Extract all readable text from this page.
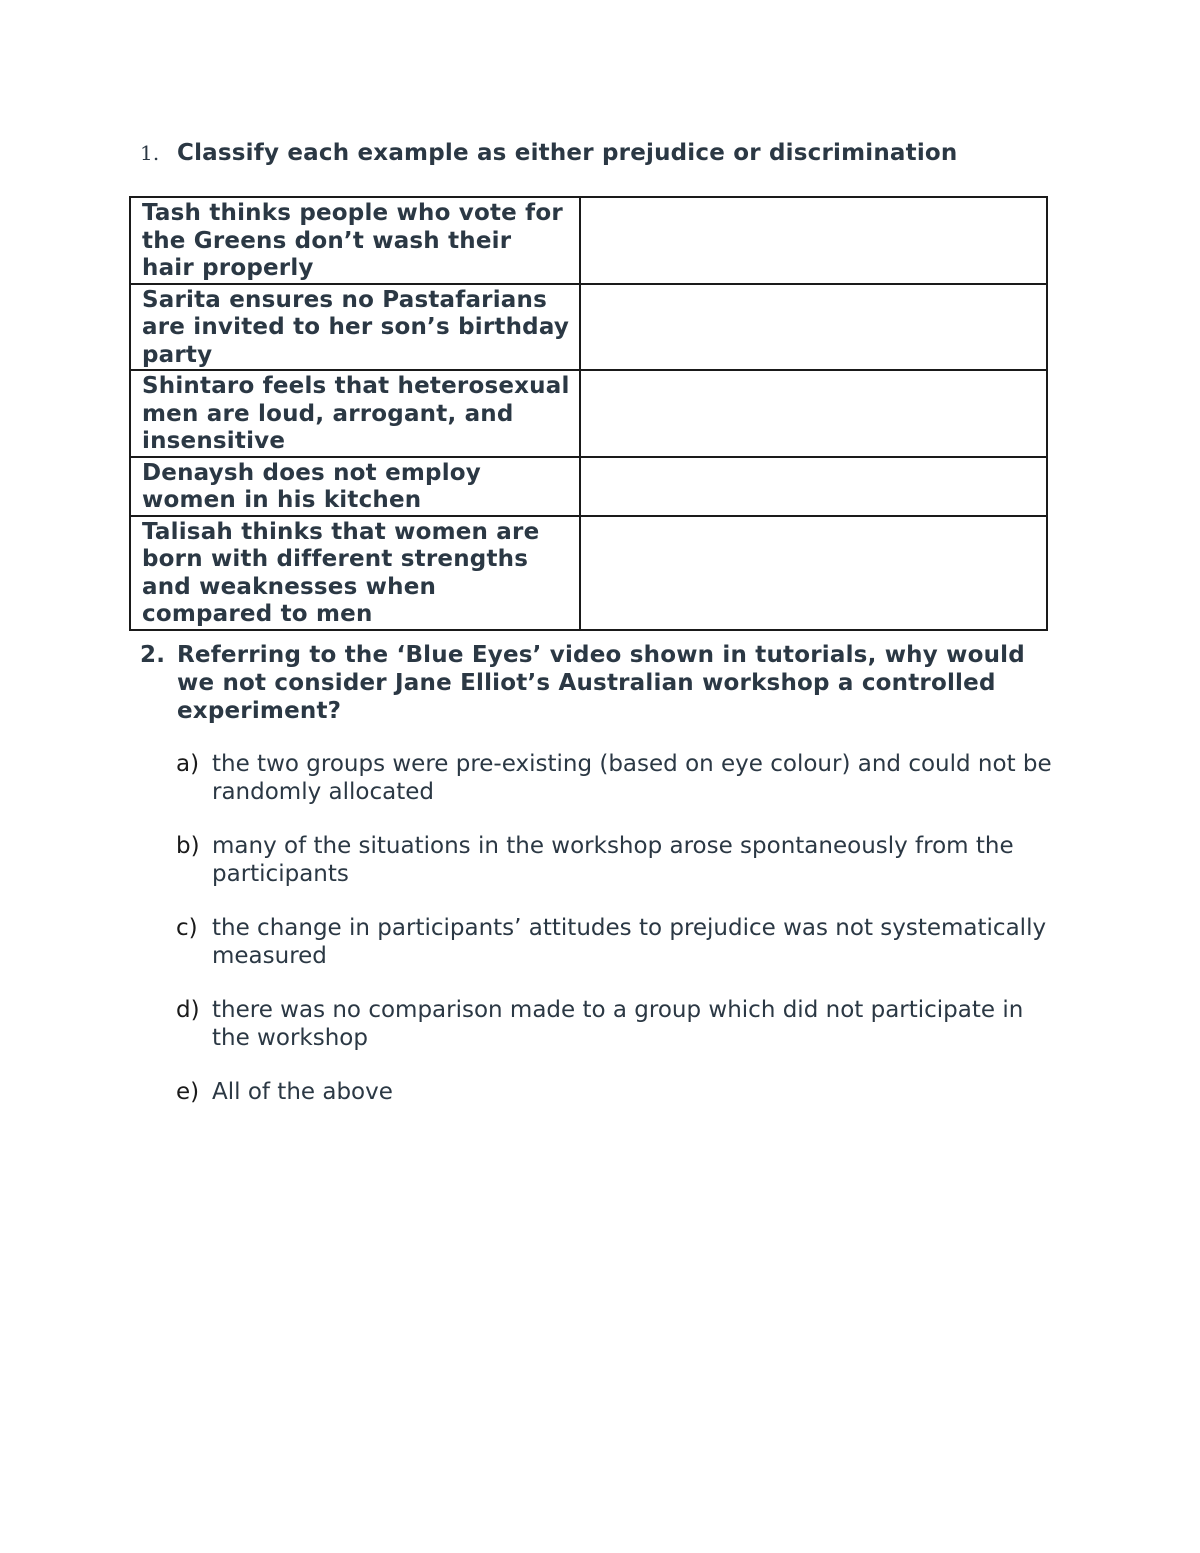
1. Classify each example as either prejudice or discrimination
Tash thinks people who vote for the Greens don’t wash their hair properly	
Sarita ensures no Pastafarians are invited to her son’s birthday party	
Shintaro feels that heterosexual men are loud, arrogant, and insensitive	
Denaysh does not employ women in his kitchen	
Talisah thinks that women are born with different strengths and weaknesses when compared to men	
2. Referring to the ‘Blue Eyes’ video shown in tutorials, why would we not consider Jane Elliot’s Australian workshop a controlled experiment?
a) the two groups were pre-existing (based on eye colour) and could not be randomly allocated
b) many of the situations in the workshop arose spontaneously from the participants
c) the change in participants’ attitudes to prejudice was not systematically measured
d) there was no comparison made to a group which did not participate in the workshop
e) All of the above
